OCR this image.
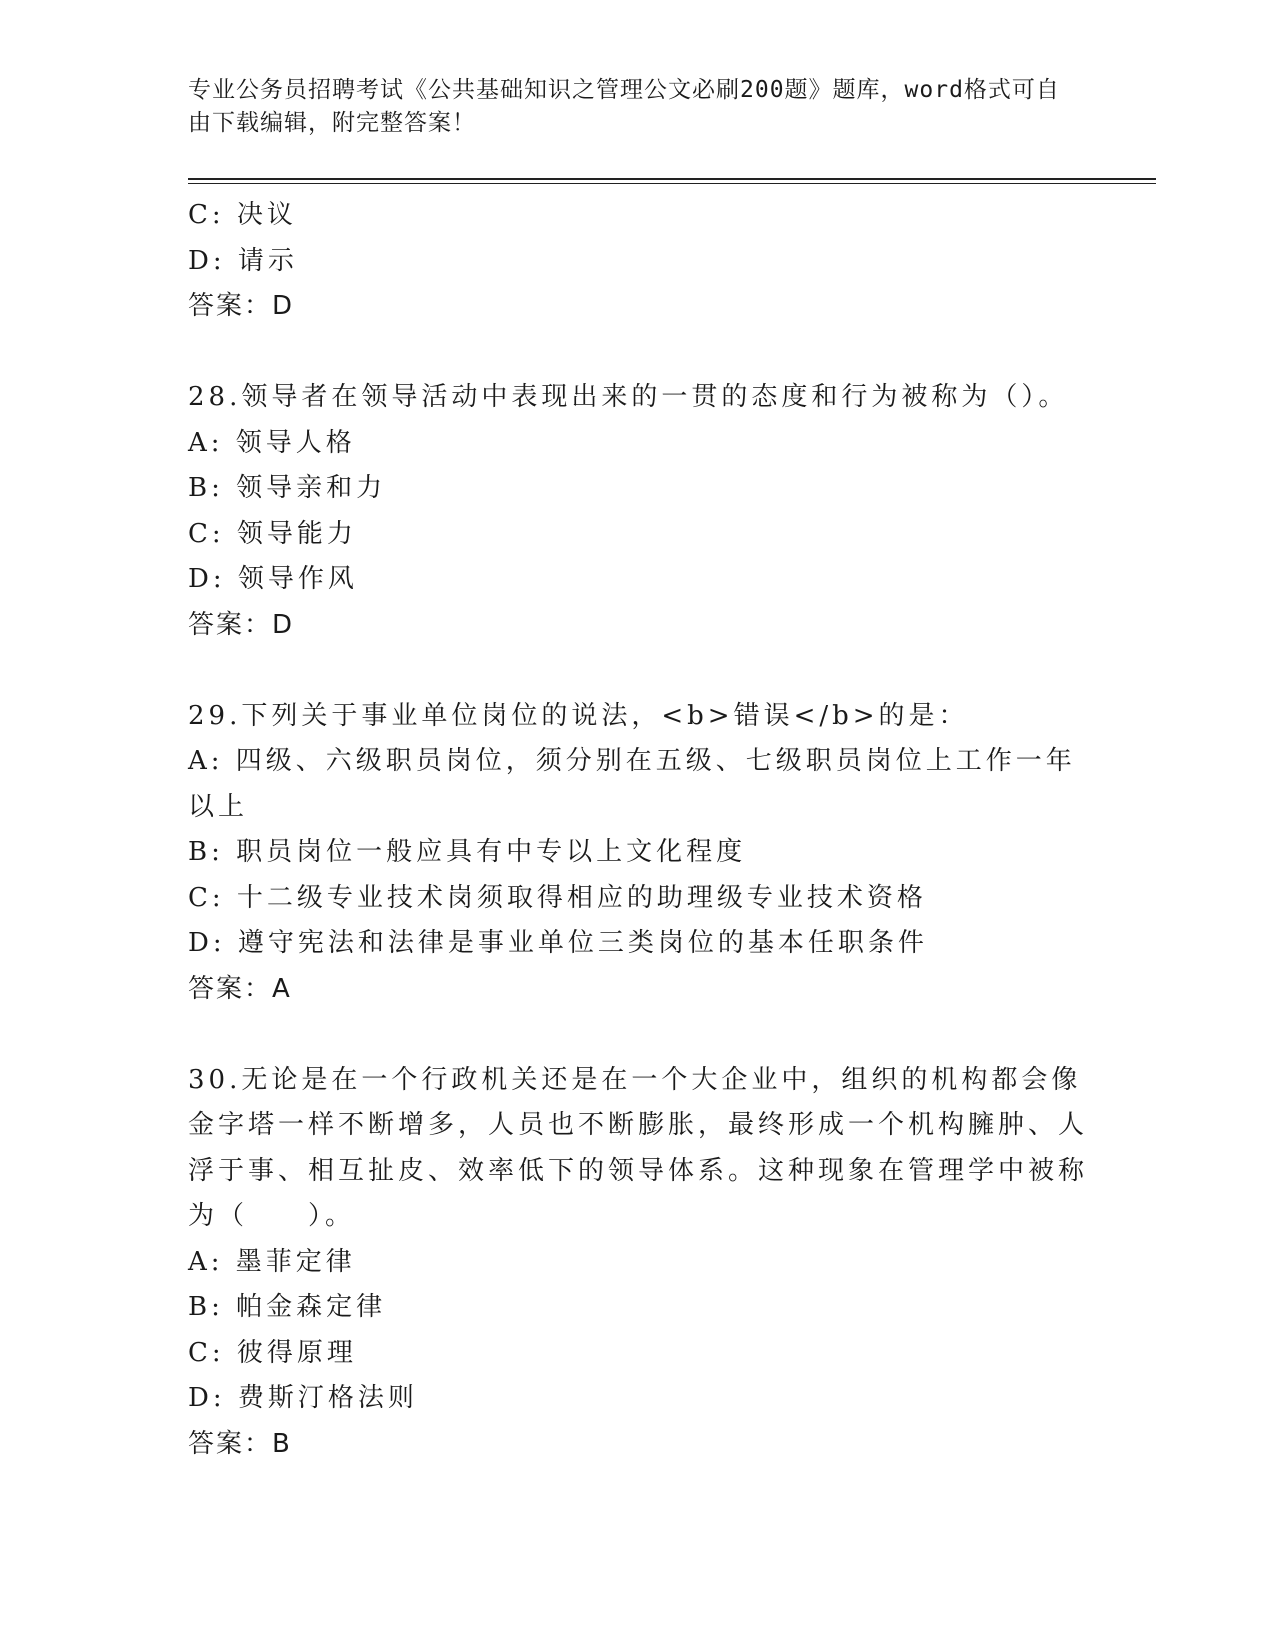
专业公务员招聘考试《公共基础知识之管理公文必刷200题》题库，word格式可自由下载编辑，附完整答案！
C: 决议
D: 请示
答案：D
28.领导者在领导活动中表现出来的一贯的态度和行为被称为（）。
A: 领导人格
B: 领导亲和力
C: 领导能力
D: 领导作风
答案：D
29.下列关于事业单位岗位的说法，<b>错误</b>的是：
A: 四级、六级职员岗位，须分别在五级、七级职员岗位上工作一年以上
B: 职员岗位一般应具有中专以上文化程度
C: 十二级专业技术岗须取得相应的助理级专业技术资格
D: 遵守宪法和法律是事业单位三类岗位的基本任职条件
答案：A
30.无论是在一个行政机关还是在一个大企业中，组织的机构都会像金字塔一样不断增多，人员也不断膨胀，最终形成一个机构臃肿、人浮于事、相互扯皮、效率低下的领导体系。这种现象在管理学中被称为（　　）。
A: 墨菲定律
B: 帕金森定律
C: 彼得原理
D: 费斯汀格法则
答案：B
